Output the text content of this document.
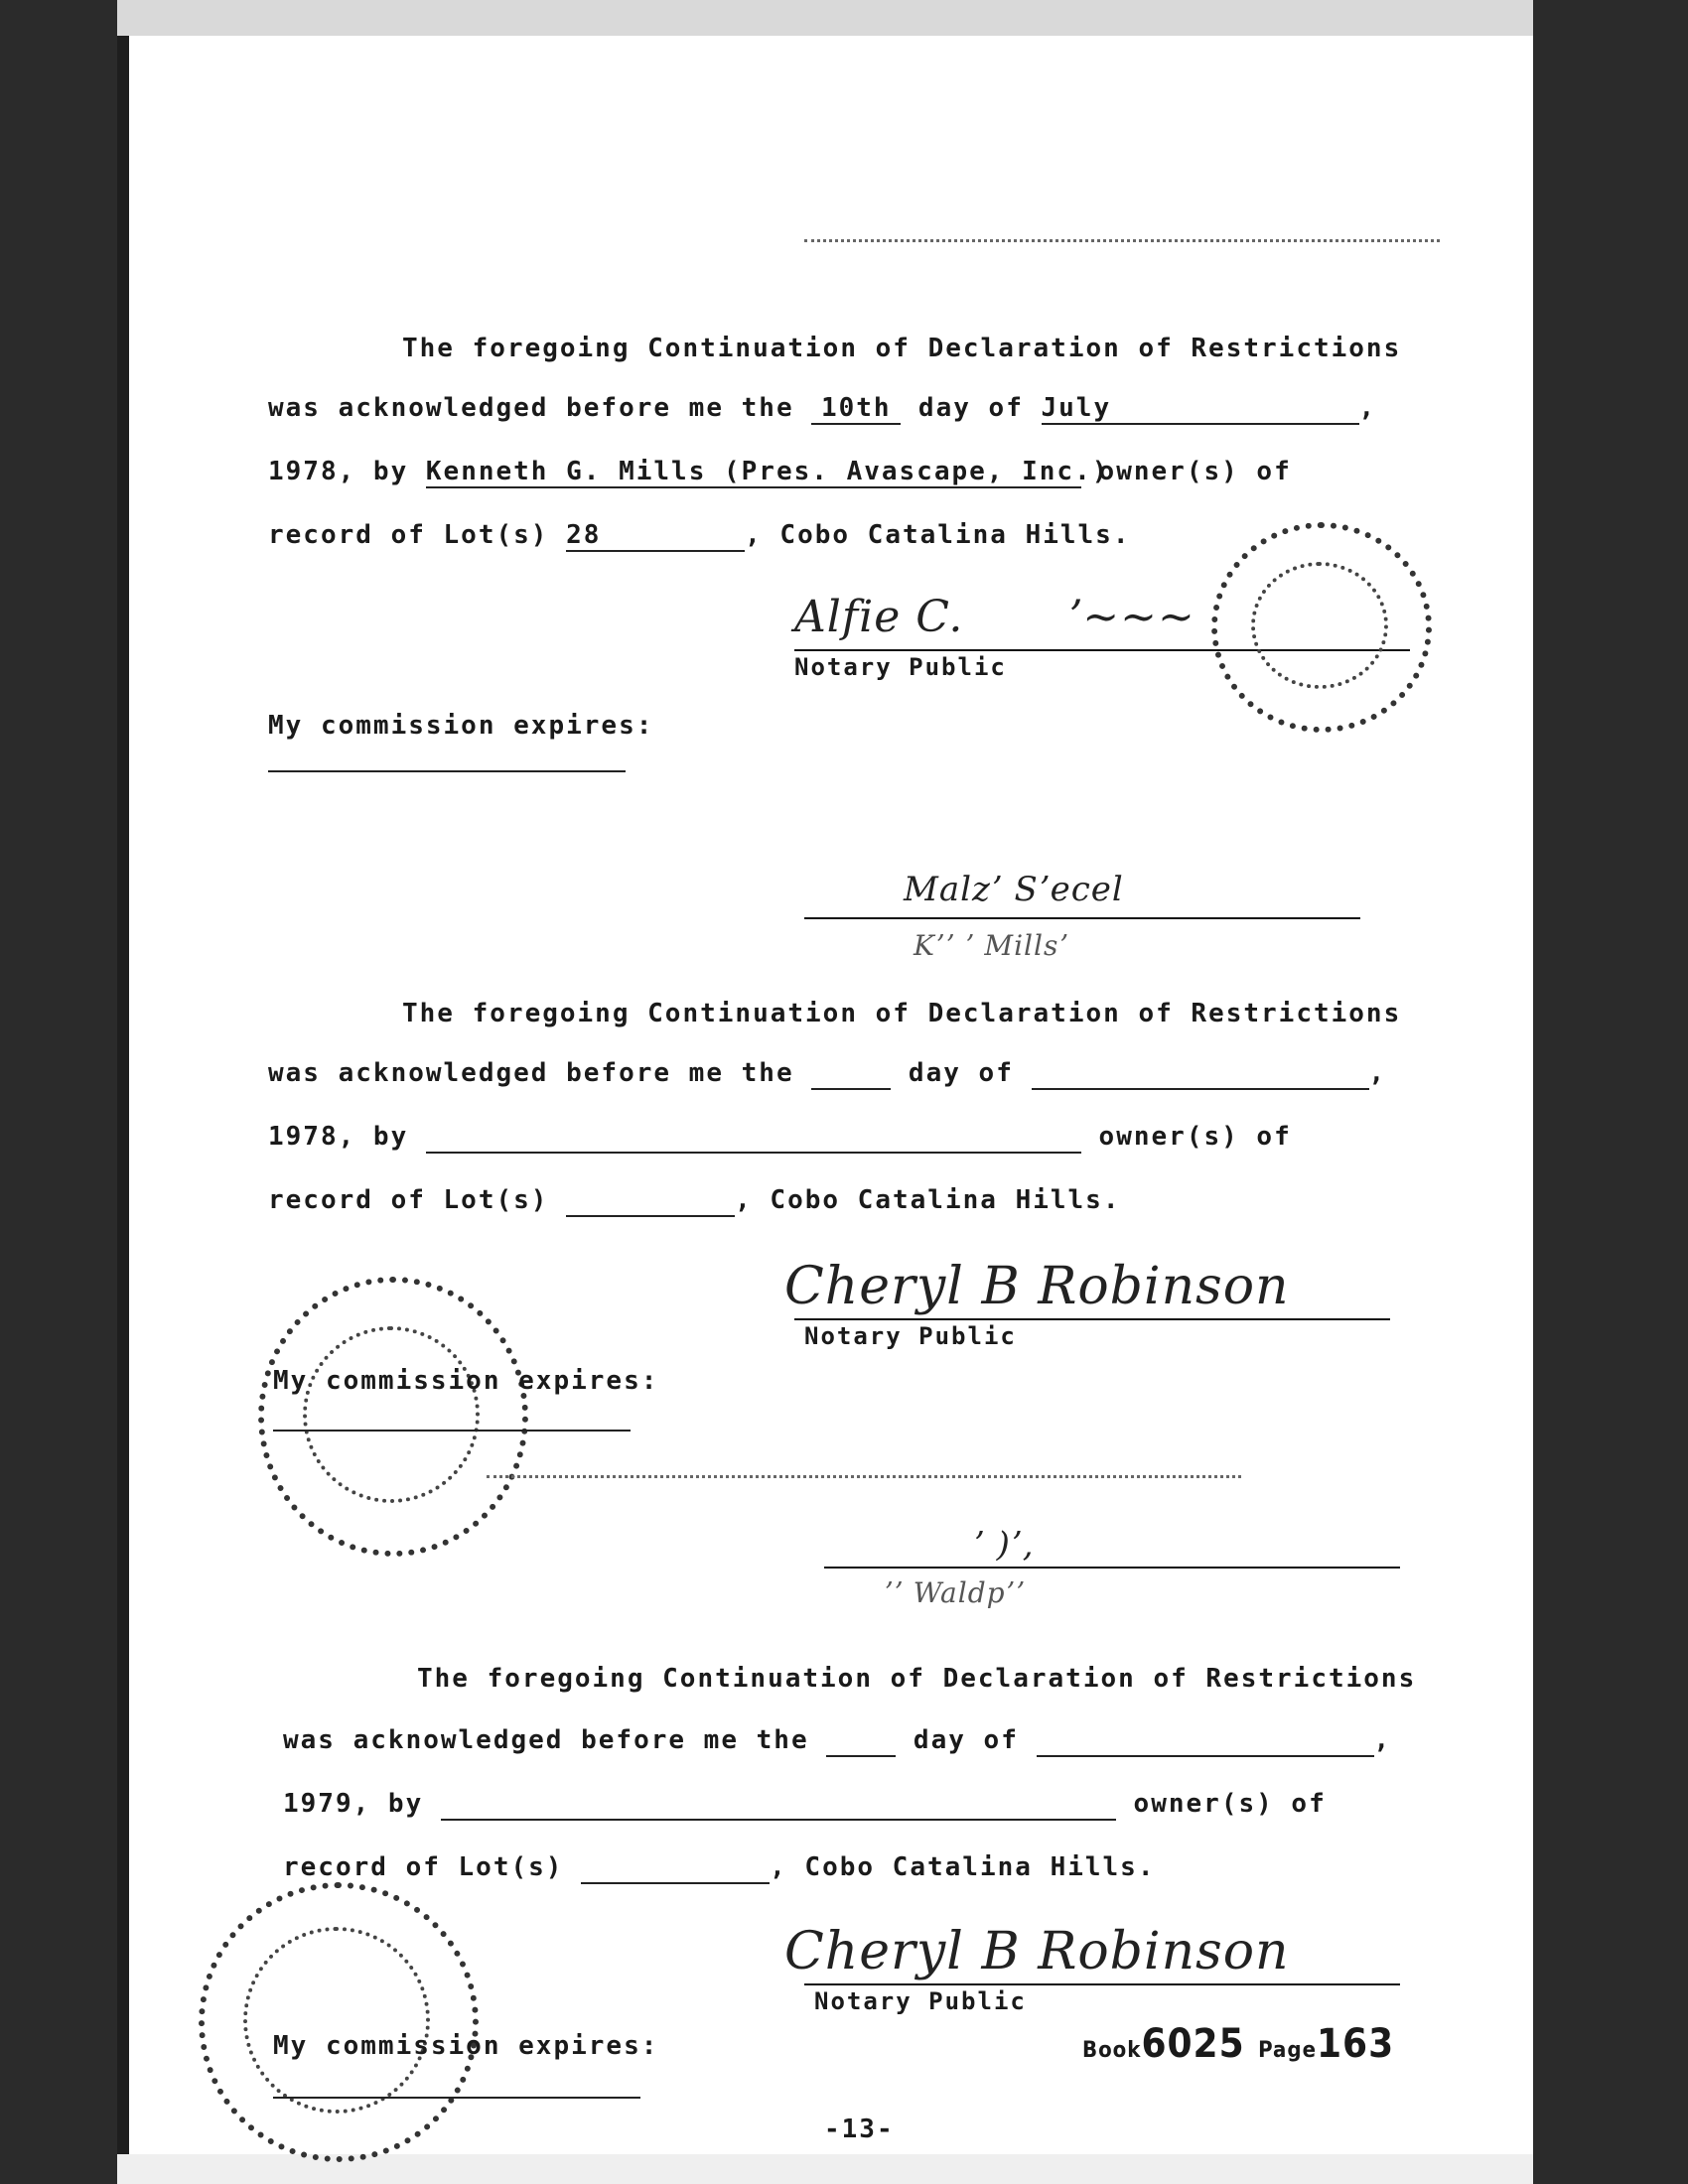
The foregoing Continuation of Declaration of Restrictions
was acknowledged before me the 10th day of July	,
1978, by Kenneth G. Mills (Pres. Avascape, Inc.) owner(s) of
record of Lot(s) 28	, Cobo Catalina Hills.
Alfie C.       ʼ~~~
Notary Public
My commission expires:
Malzʼ Sʼecel
Kʼʼ ʼ Millsʼ
The foregoing Continuation of Declaration of Restrictions
was acknowledged before me the	day of	,
1978, by	owner(s) of
record of Lot(s)	, Cobo Catalina Hills.
Cheryl B Robinson
Notary Public
My commission expires:
ʼ )ʼ,
ʼʼ Waldpʼʼ
The foregoing Continuation of Declaration of Restrictions
was acknowledged before me the	day of	,
1979, by	owner(s) of
record of Lot(s)	, Cobo Catalina Hills.
Cheryl B Robinson
Notary Public
My commission expires:	Book6025 Page163
-13-
